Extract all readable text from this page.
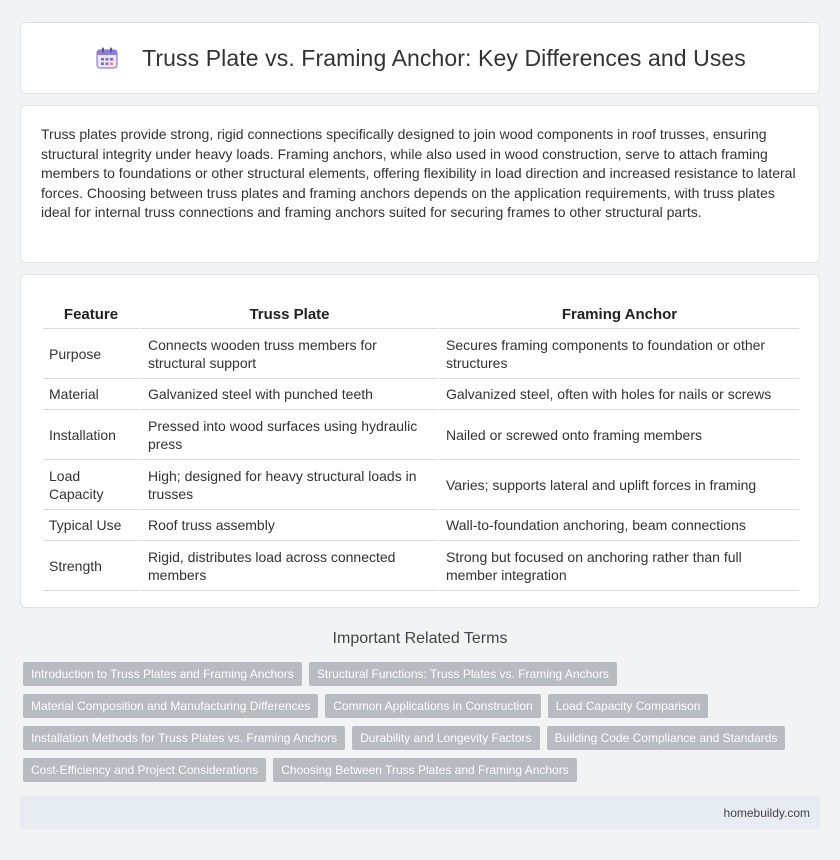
Truss Plate vs. Framing Anchor: Key Differences and Uses

Truss plates provide strong, rigid connections specifically designed to join wood components in roof trusses, ensuring structural integrity under heavy loads. Framing anchors, while also used in wood construction, serve to attach framing members to foundations or other structural elements, offering flexibility in load direction and increased resistance to lateral forces. Choosing between truss plates and framing anchors depends on the application requirements, with truss plates ideal for internal truss connections and framing anchors suited for securing frames to other structural parts.

Feature	Truss Plate	Framing Anchor
Purpose	Connects wooden truss members for structural support	Secures framing components to foundation or other structures
Material	Galvanized steel with punched teeth	Galvanized steel, often with holes for nails or screws
Installation	Pressed into wood surfaces using hydraulic press	Nailed or screwed onto framing members
Load Capacity	High; designed for heavy structural loads in trusses	Varies; supports lateral and uplift forces in framing
Typical Use	Roof truss assembly	Wall-to-foundation anchoring, beam connections
Strength	Rigid, distributes load across connected members	Strong but focused on anchoring rather than full member integration
Important Related Terms
Introduction to Truss Plates and Framing Anchors	Structural Functions: Truss Plates vs. Framing Anchors
Material Composition and Manufacturing Differences	Common Applications in Construction	Load Capacity Comparison
Installation Methods for Truss Plates vs. Framing Anchors	Durability and Longevity Factors	Building Code Compliance and Standards
Cost-Efficiency and Project Considerations	Choosing Between Truss Plates and Framing Anchors
homebuildy.com
